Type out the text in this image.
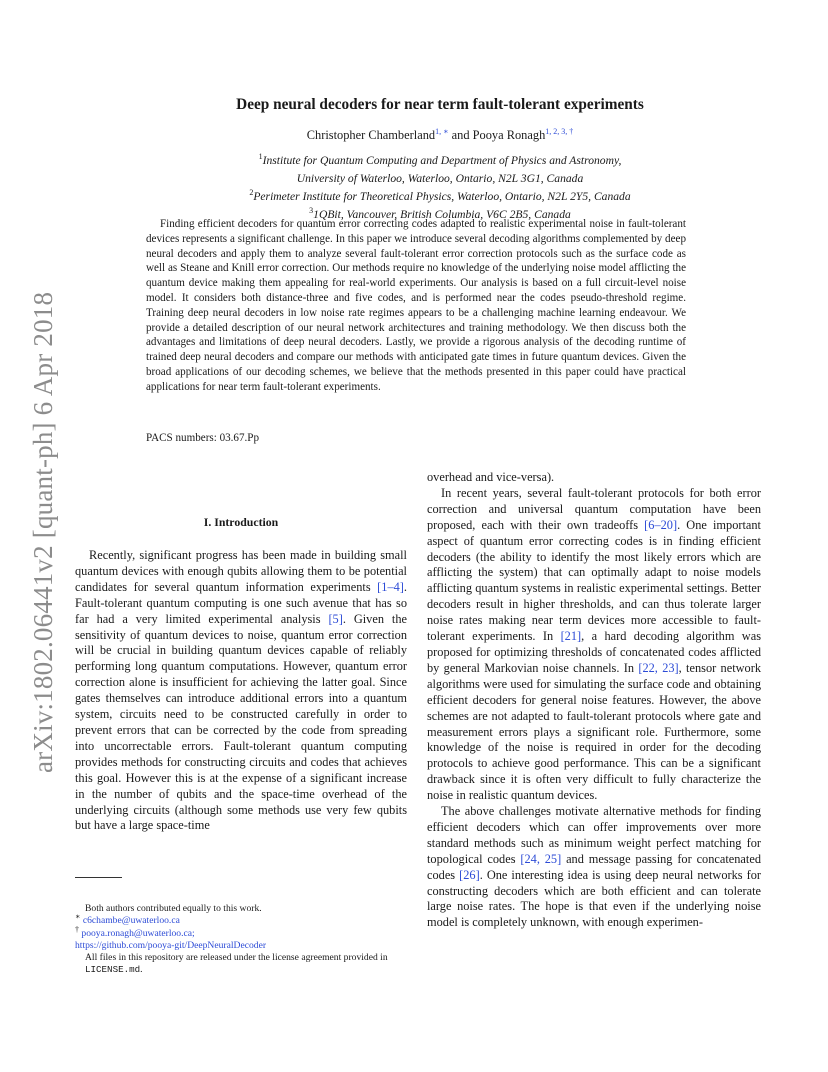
arXiv:1802.06441v2 [quant-ph] 6 Apr 2018
Deep neural decoders for near term fault-tolerant experiments
Christopher Chamberland$^{1, ∗}$ and Pooya Ronagh$^{1, 2, 3, \dagger}$
$^1$Institute for Quantum Computing and Department of Physics and Astronomy,
University of Waterloo, Waterloo, Ontario, N2L 3G1, Canada
$^2$Perimeter Institute for Theoretical Physics, Waterloo, Ontario, N2L 2Y5, Canada
$^3$1QBit, Vancouver, British Columbia, V6C 2B5, Canada

Finding efficient decoders for quantum error correcting codes adapted to realistic experimental noise in fault-tolerant devices represents a significant challenge. In this paper we introduce several decoding algorithms complemented by deep neural decoders and apply them to analyze several fault-tolerant error correction protocols such as the surface code as well as Steane and Knill error correction. Our methods require no knowledge of the underlying noise model afflicting the quantum device making them appealing for real-world experiments. Our analysis is based on a full circuit-level noise model. It considers both distance-three and five codes, and is performed near the codes pseudo-threshold regime. Training deep neural decoders in low noise rate regimes appears to be a challenging machine learning endeavour. We provide a detailed description of our neural network architectures and training methodology. We then discuss both the advantages and limitations of deep neural decoders. Lastly, we provide a rigorous analysis of the decoding runtime of trained deep neural decoders and compare our methods with anticipated gate times in future quantum devices. Given the broad applications of our decoding schemes, we believe that the methods presented in this paper could have practical applications for near term fault-tolerant experiments.

PACS numbers: 03.67.Pp
I. Introduction

Recently, significant progress has been made in building small quantum devices with enough qubits allowing them to be potential candidates for several quantum information experiments [1–4]. Fault-tolerant quantum computing is one such avenue that has so far had a very limited experimental analysis [5]. Given the sensitivity of quantum devices to noise, quantum error correction will be crucial in building quantum devices capable of reliably performing long quantum computations. However, quantum error correction alone is insufficient for achieving the latter goal. Since gates themselves can introduce additional errors into a quantum system, circuits need to be constructed carefully in order to prevent errors that can be corrected by the code from spreading into uncorrectable errors. Fault-tolerant quantum computing provides methods for constructing circuits and codes that achieves this goal. However this is at the expense of a significant increase in the number of qubits and the space-time overhead of the underlying circuits (although some methods use very few qubits but have a large space-time

overhead and vice-versa).

In recent years, several fault-tolerant protocols for both error correction and universal quantum computation have been proposed, each with their own tradeoffs [6–20]. One important aspect of quantum error correcting codes is in finding efficient decoders (the ability to identify the most likely errors which are afflicting the system) that can optimally adapt to noise models afflicting quantum systems in realistic experimental settings. Better decoders result in higher thresholds, and can thus tolerate larger noise rates making near term devices more accessible to fault-tolerant experiments. In [21], a hard decoding algorithm was proposed for optimizing thresholds of concatenated codes afflicted by general Markovian noise channels. In [22, 23], tensor network algorithms were used for simulating the surface code and obtaining efficient decoders for general noise features. However, the above schemes are not adapted to fault-tolerant protocols where gate and measurement errors plays a significant role. Furthermore, some knowledge of the noise is required in order for the decoding protocols to achieve good performance. This can be a significant drawback since it is often very difficult to fully characterize the noise in realistic quantum devices.

The above challenges motivate alternative methods for finding efficient decoders which can offer improvements over more standard methods such as minimum weight perfect matching for topological codes [24, 25] and message passing for concatenated codes [26]. One interesting idea is using deep neural networks for constructing decoders which are both efficient and can tolerate large noise rates. The hope is that even if the underlying noise model is completely unknown, with enough experimen-

Both authors contributed equally to this work.
∗ c6chambe@uwaterloo.ca
† pooya.ronagh@uwaterloo.ca;
https://github.com/pooya-git/DeepNeuralDecoder
All files in this repository are released under the license agreement provided in LICENSE.md.
